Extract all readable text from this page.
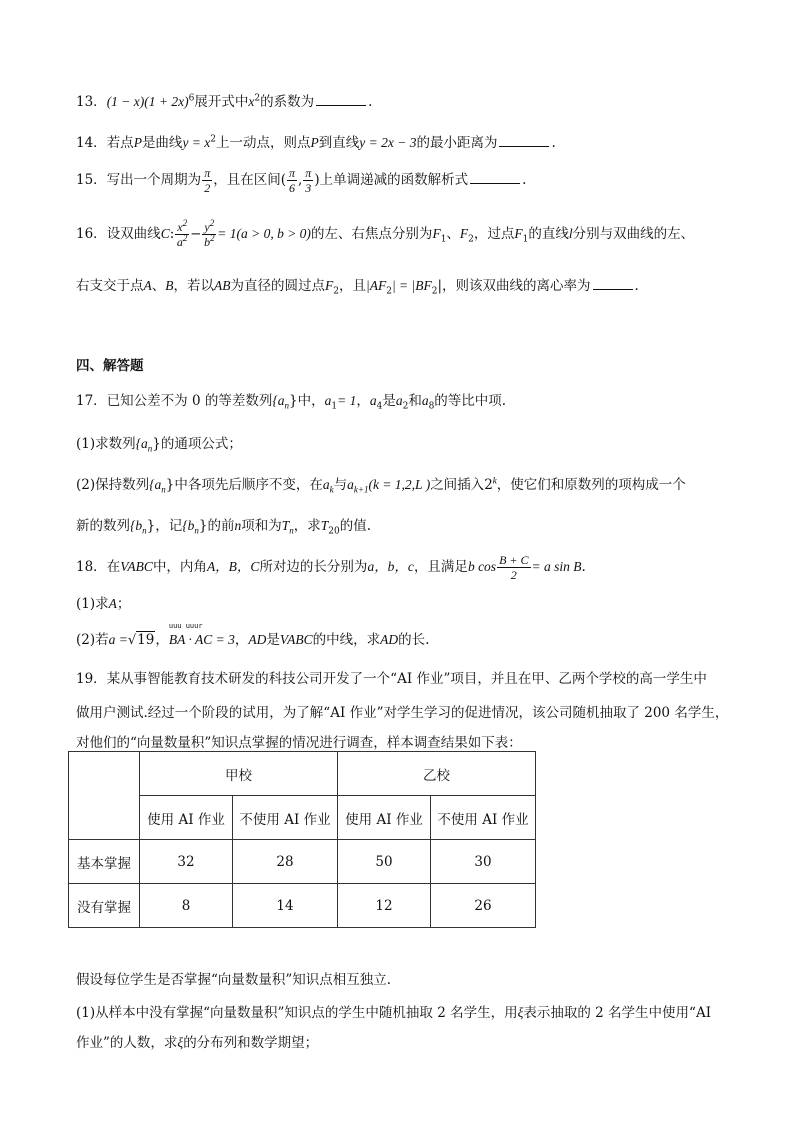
13．$(1 - x)(1 + 2x)^6$展开式中$x^2$的系数为	.
14．若点P是曲线$y = x^2$上一动点，则点P到直线y = 2x − 3的最小距离为	.
15．写出一个周期为 $\frac{\pi}{2}$ ，且在区间( $\frac{\pi}{6}$ , $\frac{\pi}{3}$ )上单调递减的函数解析式	.
16．设双曲线C: $\frac{x^2}{a^2} - \frac{y^2}{b^2} = 1(a > 0$, b > 0)的左、右焦点分别为$F_1$、$F_2$，过点$F_1$的直线l分别与双曲线的左、
右支交于点A、B，若以AB为直径的圆过点$F_2$，且$|AF_2| = |BF_2|$，则该双曲线的离心率为	.
四、解答题
17．已知公差不为 0 的等差数列$\{a_n\}$中，$a_1= 1$，$a_4$是$a_2$和$a_8$的等比中项.
(1)求数列$\{a_n\}$的通项公式；
(2)保持数列$\{a_n\}$中各项先后顺序不变，在$a_k$与$a_{k+1}(k = 1,2,L$ )之间插入2$^k$，使它们和原数列的项构成一个
新的数列$\{b_n\}$，记$\{b_n\}$的前n项和为$T_n$，求$T_{20}$的值.
18．在VABC中，内角A，B，C所对边的长分别为a，b，c，且满足b $\cos \frac{B + C}{2} = a$ sin B.
(1)求A；
(2)若a =√19，
uuu uuur
BA · AC = 3，AD是VABC的中线，求AD的长.
19．某从事智能教育技术研发的科技公司开发了一个“AI 作业”项目，并且在甲、乙两个学校的高一学生中
做用户测试.经过一个阶段的试用，为了解“AI 作业”对学生学习的促进情况，该公司随机抽取了 200 名学生，
对他们的“向量数量积”知识点掌握的情况进行调查，样本调查结果如下表：
	甲校		乙校	
	使用 AI 作业	不使用 AI 作业	使用 AI 作业	不使用 AI 作业
基本掌握	32	28	50	30
没有掌握	8	14	12	26
假设每位学生是否掌握“向量数量积”知识点相互独立.
(1)从样本中没有掌握“向量数量积”知识点的学生中随机抽取 2 名学生，用ξ表示抽取的 2 名学生中使用“AI
作业”的人数，求ξ的分布列和数学期望；
